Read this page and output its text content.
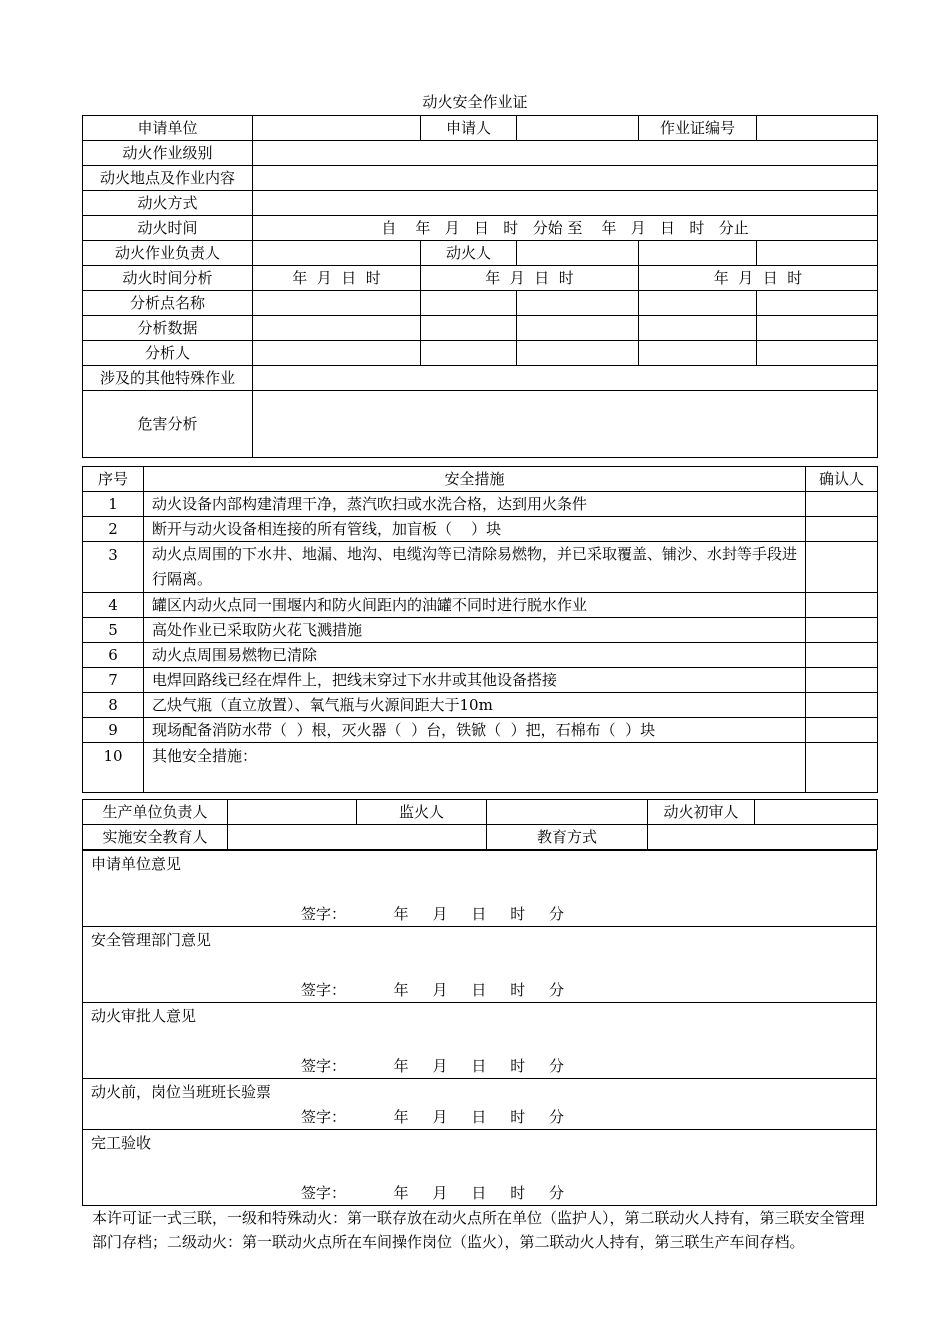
动火安全作业证
申请单位		申请人		作业证编号	
动火作业级别					
动火地点及作业内容					
动火方式					
动火时间	自    年   月   日   时   分始 至    年   月   日   时   分止				
动火作业负责人		动火人			
动火时间分析	年  月  日  时	年  月  日  时		年  月  日  时	
分析点名称					
分析数据					
分析人					
涉及的其他特殊作业					
危害分析					
序号	安全措施	确认人
1	动火设备内部构建清理干净，蒸汽吹扫或水洗合格，达到用火条件	
2	断开与动火设备相连接的所有管线，加盲板（    ）块	
3	动火点周围的下水井、地漏、地沟、电缆沟等已清除易燃物，并已采取覆盖、铺沙、水封等手段进行隔离。	
4	罐区内动火点同一围堰内和防火间距内的油罐不同时进行脱水作业	
5	高处作业已采取防火花飞溅措施	
6	动火点周围易燃物已清除	
7	电焊回路线已经在焊件上，把线未穿过下水井或其他设备搭接	
8	乙炔气瓶（直立放置）、氧气瓶与火源间距大于10m	
9	现场配备消防水带（  ）根，灭火器（  ）台，铁锨（  ）把，石棉布（  ）块	
10	其他安全措施：	
生产单位负责人		监火人		动火初审人	
实施安全教育人			教育方式		
申请单位意见
签字：          年     月     日     时     分

安全管理部门意见
签字：          年     月     日     时     分

动火审批人意见
签字：          年     月     日     时     分

动火前，岗位当班班长验票
签字：          年     月     日     时     分

完工验收
签字：          年     月     日     时     分
本许可证一式三联，一级和特殊动火：第一联存放在动火点所在单位（监护人），第二联动火人持有，第三联安全管理部门存档；二级动火：第一联动火点所在车间操作岗位（监火），第二联动火人持有，第三联生产车间存档。
